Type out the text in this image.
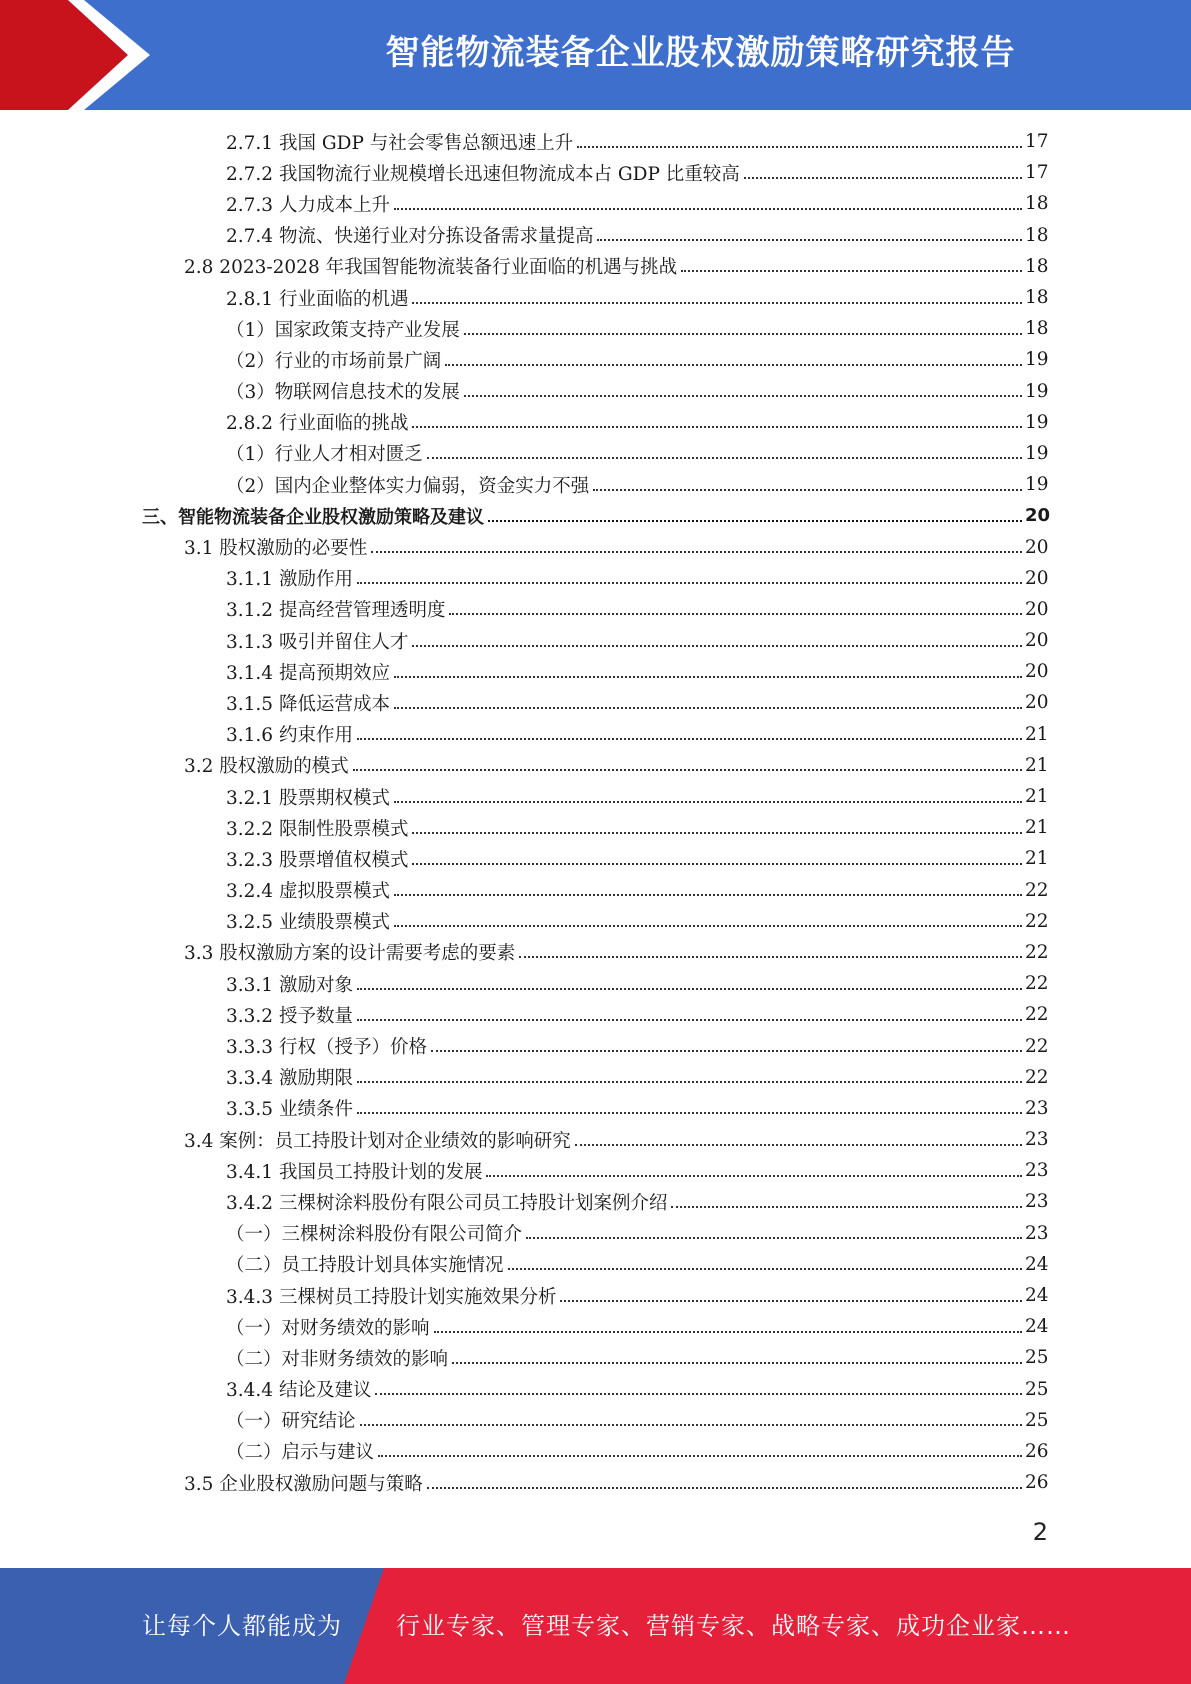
智能物流装备企业股权激励策略研究报告
2.7.1 我国 GDP 与社会零售总额迅速上升	17
2.7.2 我国物流行业规模增长迅速但物流成本占 GDP 比重较高	17
2.7.3 人力成本上升	18
2.7.4 物流、快递行业对分拣设备需求量提高	18
2.8 2023-2028 年我国智能物流装备行业面临的机遇与挑战	18
2.8.1 行业面临的机遇	18
（1）国家政策支持产业发展	18
（2）行业的市场前景广阔	19
（3）物联网信息技术的发展	19
2.8.2 行业面临的挑战	19
（1）行业人才相对匮乏	19
（2）国内企业整体实力偏弱，资金实力不强	19
三、智能物流装备企业股权激励策略及建议	20
3.1 股权激励的必要性	20
3.1.1 激励作用	20
3.1.2 提高经营管理透明度	20
3.1.3 吸引并留住人才	20
3.1.4 提高预期效应	20
3.1.5 降低运营成本	20
3.1.6 约束作用	21
3.2 股权激励的模式	21
3.2.1 股票期权模式	21
3.2.2 限制性股票模式	21
3.2.3 股票增值权模式	21
3.2.4 虚拟股票模式	22
3.2.5 业绩股票模式	22
3.3 股权激励方案的设计需要考虑的要素	22
3.3.1 激励对象	22
3.3.2 授予数量	22
3.3.3 行权（授予）价格	22
3.3.4 激励期限	22
3.3.5 业绩条件	23
3.4 案例：员工持股计划对企业绩效的影响研究	23
3.4.1 我国员工持股计划的发展	23
3.4.2 三棵树涂料股份有限公司员工持股计划案例介绍	23
（一）三棵树涂料股份有限公司简介	23
（二）员工持股计划具体实施情况	24
3.4.3 三棵树员工持股计划实施效果分析	24
（一）对财务绩效的影响	24
（二）对非财务绩效的影响	25
3.4.4 结论及建议	25
（一）研究结论	25
（二）启示与建议	26
3.5 企业股权激励问题与策略	26
2
让每个人都能成为 行业专家、管理专家、营销专家、战略专家、成功企业家……
